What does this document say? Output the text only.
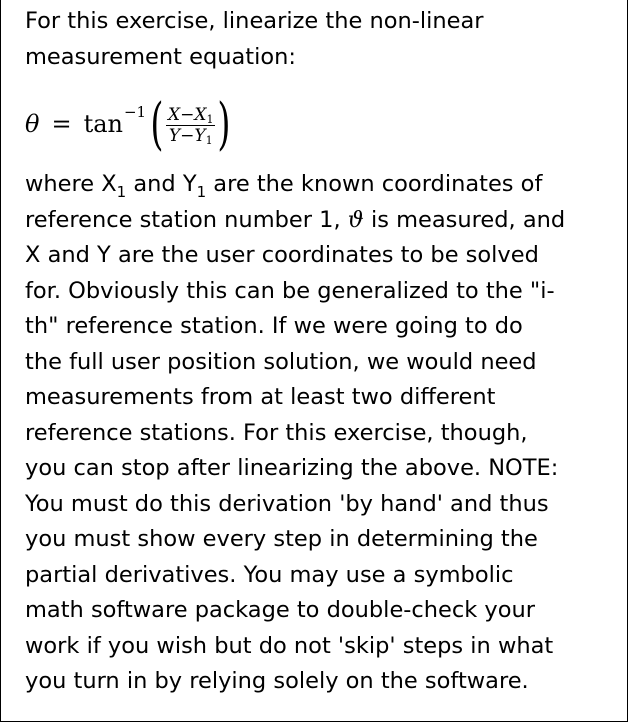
For this exercise, linearize the non-linear
measurement equation:

θ = tan −1 ( $\frac{X-X_1}{Y-Y_1}$ )

where $X_1$ and $Y_1$ are the known coordinates of
reference station number 1, ϑ is measured, and
X and Y are the user coordinates to be solved
for. Obviously this can be generalized to the "i-
th" reference station. If we were going to do
the full user position solution, we would need
measurements from at least two different
reference stations. For this exercise, though,
you can stop after linearizing the above. NOTE:
You must do this derivation 'by hand' and thus
you must show every step in determining the
partial derivatives. You may use a symbolic
math software package to double-check your
work if you wish but do not 'skip' steps in what
you turn in by relying solely on the software.
